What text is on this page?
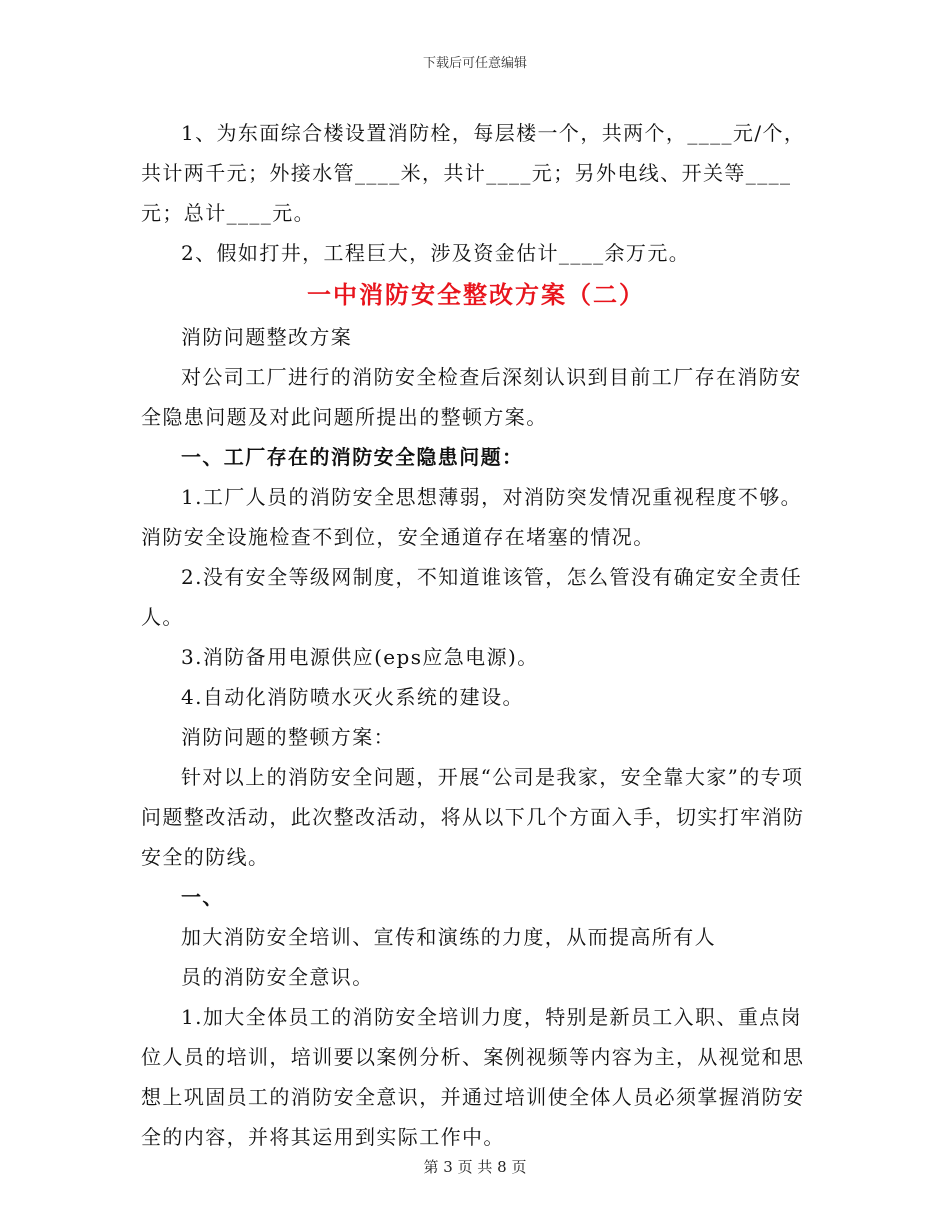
下载后可任意编辑

1、为东面综合楼设置消防栓，每层楼一个，共两个，____元/个，共计两千元；外接水管____米，共计____元；另外电线、开关等____元；总计____元。

2、假如打井，工程巨大，涉及资金估计____余万元。

一中消防安全整改方案（二）

消防问题整改方案

对公司工厂进行的消防安全检查后深刻认识到目前工厂存在消防安全隐患问题及对此问题所提出的整顿方案。

一、工厂存在的消防安全隐患问题：

1.工厂人员的消防安全思想薄弱，对消防突发情况重视程度不够。消防安全设施检查不到位，安全通道存在堵塞的情况。

2.没有安全等级网制度，不知道谁该管，怎么管没有确定安全责任人。

3.消防备用电源供应(eps应急电源)。

4.自动化消防喷水灭火系统的建设。

消防问题的整顿方案：

针对以上的消防安全问题，开展“公司是我家，安全靠大家”的专项问题整改活动，此次整改活动，将从以下几个方面入手，切实打牢消防安全的防线。

一、

加大消防安全培训、宣传和演练的力度，从而提高所有人

员的消防安全意识。

1.加大全体员工的消防安全培训力度，特别是新员工入职、重点岗位人员的培训，培训要以案例分析、案例视频等内容为主，从视觉和思想上巩固员工的消防安全意识，并通过培训使全体人员必须掌握消防安全的内容，并将其运用到实际工作中。

第 3 页 共 8 页
